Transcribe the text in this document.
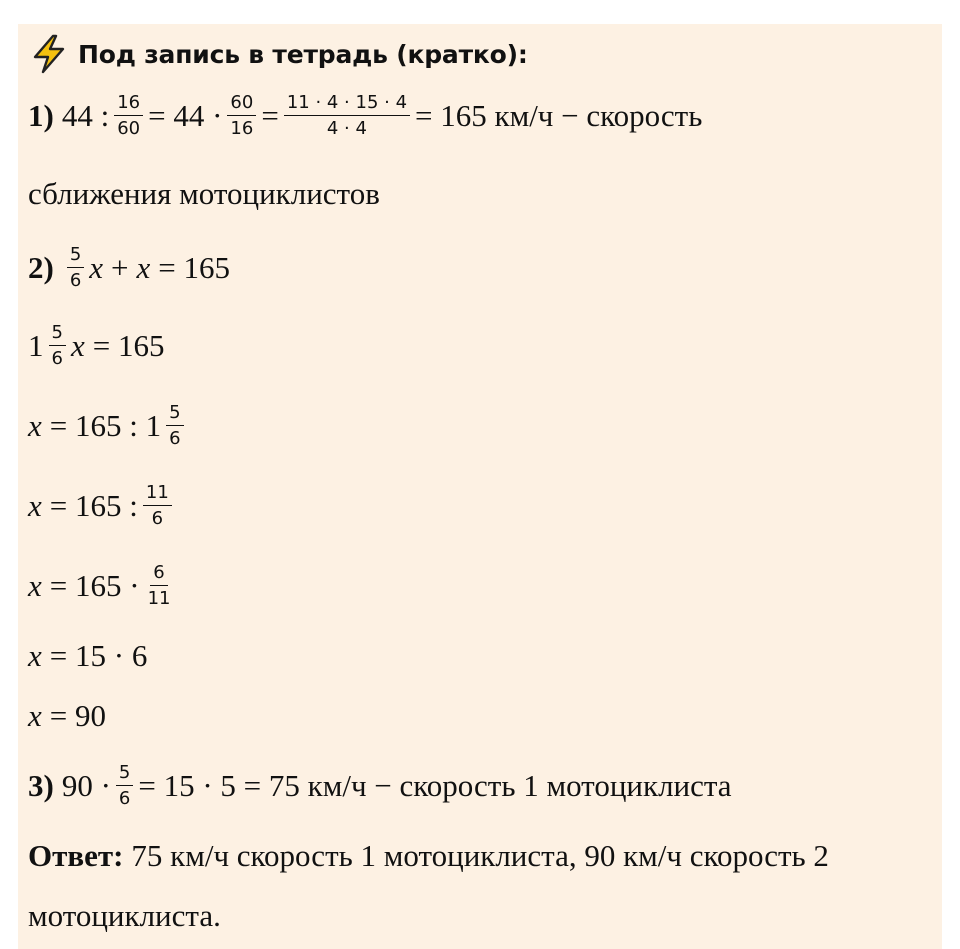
Под запись в тетрадь (кратко):
1) 44 : $\frac{16}{60} = 44 \cdot \frac{60}{16} = \frac{11 \cdot 4 \cdot 15 \cdot 4}{4 \cdot 4} = 165$ км/ч − скорость
сближения мотоциклистов
$2) \frac{5}{6}$ x + x = 165
$1 \frac{5}{6}$ x = 165
x = 165 : $1 \frac{5}{6}$
x = 165 : $\frac{11}{6}$
$x = 165 \cdot \frac{6}{11}$
x = 15 · 6
x = 90
3) $90 \cdot \frac{5}{6} = 15 \cdot 5 = 75$ км/ч − скорость 1 мотоциклиста
Ответ: 75 км/ч скорость 1 мотоциклиста, 90 км/ч скорость 2
мотоциклиста.
